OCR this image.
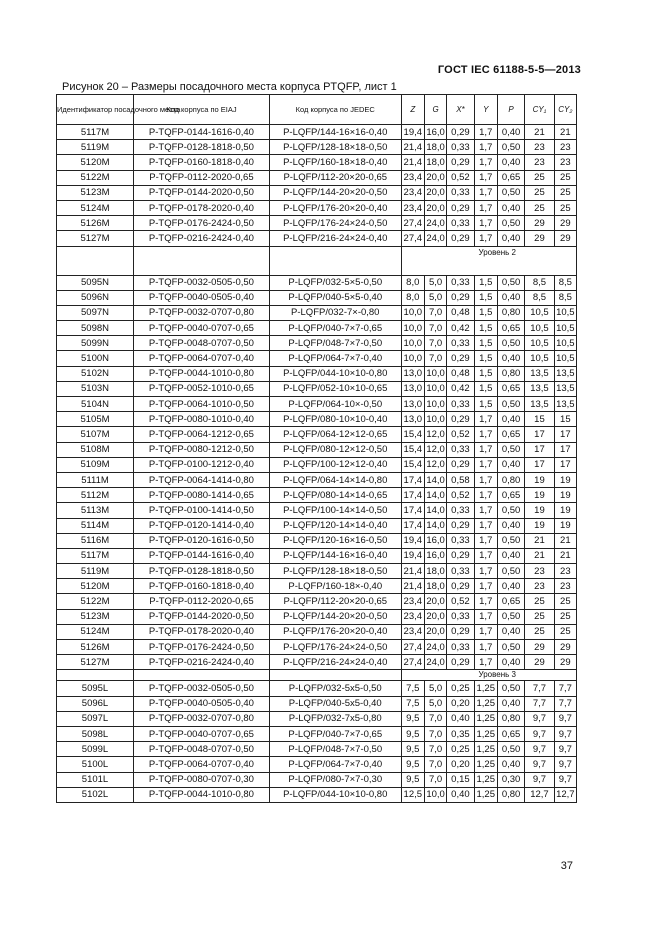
ГОСТ IEC 61188-5-5—2013
Рисунок 20 – Размеры посадочного места корпуса PTQFP, лист 1
Идентификатор посадочного места	Код корпуса по EIAJ	Код корпуса по JEDEC	Z	G	X*	Y	P	CY₁	CY₂
5117M	P-TQFP-0144-1616-0,40	P-LQFP/144-16×16-0,40	19,4	16,0	0,29	1,7	0,40	21	21
5119M	P-TQFP-0128-1818-0,50	P-LQFP/128-18×18-0,50	21,4	18,0	0,33	1,7	0,50	23	23
5120M	P-TQFP-0160-1818-0,40	P-LQFP/160-18×18-0,40	21,4	18,0	0,29	1,7	0,40	23	23
5122M	P-TQFP-0112-2020-0,65	P-LQFP/112-20×20-0,65	23,4	20,0	0,52	1,7	0,65	25	25
5123M	P-TQFP-0144-2020-0,50	P-LQFP/144-20×20-0,50	23,4	20,0	0,33	1,7	0,50	25	25
5124M	P-TQFP-0178-2020-0,40	P-LQFP/176-20×20-0,40	23,4	20,0	0,29	1,7	0,40	25	25
5126M	P-TQFP-0176-2424-0,50	P-LQFP/176-24×24-0,50	27,4	24,0	0,33	1,7	0,50	29	29
5127M	P-TQFP-0216-2424-0,40	P-LQFP/216-24×24-0,40	27,4	24,0	0,29	1,7	0,40	29	29
			Уровень 2						
5095N	P-TQFP-0032-0505-0,50	P-LQFP/032-5×5-0,50	8,0	5,0	0,33	1,5	0,50	8,5	8,5
5096N	P-TQFP-0040-0505-0,40	P-LQFP/040-5×5-0,40	8,0	5,0	0,29	1,5	0,40	8,5	8,5
5097N	P-TQFP-0032-0707-0,80	P-LQFP/032-7×-0,80	10,0	7,0	0,48	1,5	0,80	10,5	10,5
5098N	P-TQFP-0040-0707-0,65	P-LQFP/040-7×7-0,65	10,0	7,0	0,42	1,5	0,65	10,5	10,5
5099N	P-TQFP-0048-0707-0,50	P-LQFP/048-7×7-0,50	10,0	7,0	0,33	1,5	0,50	10,5	10,5
5100N	P-TQFP-0064-0707-0,40	P-LQFP/064-7×7-0,40	10,0	7,0	0,29	1,5	0,40	10,5	10,5
5102N	P-TQFP-0044-1010-0,80	P-LQFP/044-10×10-0,80	13,0	10,0	0,48	1,5	0,80	13,5	13,5
5103N	P-TQFP-0052-1010-0,65	P-LQFP/052-10×10-0,65	13,0	10,0	0,42	1,5	0,65	13,5	13,5
5104N	P-TQFP-0064-1010-0,50	P-LQFP/064-10×-0,50	13,0	10,0	0,33	1,5	0,50	13,5	13,5
5105M	P-TQFP-0080-1010-0,40	P-LQFP/080-10×10-0,40	13,0	10,0	0,29	1,7	0,40	15	15
5107M	P-TQFP-0064-1212-0,65	P-LQFP/064-12×12-0,65	15,4	12,0	0,52	1,7	0,65	17	17
5108M	P-TQFP-0080-1212-0,50	P-LQFP/080-12×12-0,50	15,4	12,0	0,33	1,7	0,50	17	17
5109M	P-TQFP-0100-1212-0,40	P-LQFP/100-12×12-0,40	15,4	12,0	0,29	1,7	0,40	17	17
5111M	P-TQFP-0064-1414-0,80	P-LQFP/064-14×14-0,80	17,4	14,0	0,58	1,7	0,80	19	19
5112M	P-TQFP-0080-1414-0,65	P-LQFP/080-14×14-0,65	17,4	14,0	0,52	1,7	0,65	19	19
5113M	P-TQFP-0100-1414-0,50	P-LQFP/100-14×14-0,50	17,4	14,0	0,33	1,7	0,50	19	19
5114M	P-TQFP-0120-1414-0,40	P-LQFP/120-14×14-0,40	17,4	14,0	0,29	1,7	0,40	19	19
5116M	P-TQFP-0120-1616-0,50	P-LQFP/120-16×16-0,50	19,4	16,0	0,33	1,7	0,50	21	21
5117M	P-TQFP-0144-1616-0,40	P-LQFP/144-16×16-0,40	19,4	16,0	0,29	1,7	0,40	21	21
5119M	P-TQFP-0128-1818-0,50	P-LQFP/128-18×18-0,50	21,4	18,0	0,33	1,7	0,50	23	23
5120M	P-TQFP-0160-1818-0,40	P-LQFP/160-18×-0,40	21,4	18,0	0,29	1,7	0,40	23	23
5122M	P-TQFP-0112-2020-0,65	P-LQFP/112-20×20-0,65	23,4	20,0	0,52	1,7	0,65	25	25
5123M	P-TQFP-0144-2020-0,50	P-LQFP/144-20×20-0,50	23,4	20,0	0,33	1,7	0,50	25	25
5124M	P-TQFP-0178-2020-0,40	P-LQFP/176-20×20-0,40	23,4	20,0	0,29	1,7	0,40	25	25
5126M	P-TQFP-0176-2424-0,50	P-LQFP/176-24×24-0,50	27,4	24,0	0,33	1,7	0,50	29	29
5127M	P-TQFP-0216-2424-0,40	P-LQFP/216-24×24-0,40	27,4	24,0	0,29	1,7	0,40	29	29
			Уровень 3						
5095L	P-TQFP-0032-0505-0,50	P-LQFP/032-5x5-0,50	7,5	5,0	0,25	1,25	0,50	7,7	7,7
5096L	P-TQFP-0040-0505-0,40	P-LQFP/040-5x5-0,40	7,5	5,0	0,20	1,25	0,40	7,7	7,7
5097L	P-TQFP-0032-0707-0,80	P-LQFP/032-7x5-0,80	9,5	7,0	0,40	1,25	0,80	9,7	9,7
5098L	P-TQFP-0040-0707-0,65	P-LQFP/040-7×7-0,65	9,5	7,0	0,35	1,25	0,65	9,7	9,7
5099L	P-TQFP-0048-0707-0,50	P-LQFP/048-7×7-0,50	9,5	7,0	0,25	1,25	0,50	9,7	9,7
5100L	P-TQFP-0064-0707-0,40	P-LQFP/064-7×7-0,40	9,5	7,0	0,20	1,25	0,40	9,7	9,7
5101L	P-TQFP-0080-0707-0,30	P-LQFP/080-7×7-0,30	9,5	7,0	0,15	1,25	0,30	9,7	9,7
5102L	P-TQFP-0044-1010-0,80	P-LQFP/044-10×10-0,80	12,5	10,0	0,40	1,25	0,80	12,7	12,7
37
